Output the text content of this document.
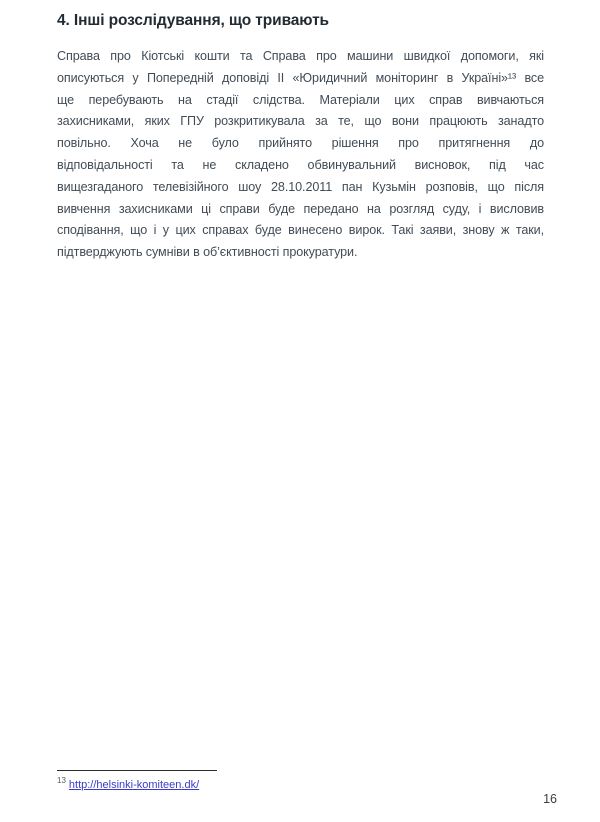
4. Інші розслідування, що тривають
Справа про Кіотські кошти та Справа про машини швидкої допомоги, які
описуються у Попередній доповіді II «Юридичний моніторинг в Україні»¹³ все
ще перебувають на стадії слідства. Матеріали цих справ вивчаються
захисниками, яких ГПУ розкритикувала за те, що вони працюють занадто
повільно. Хоча не було прийнято рішення про притягнення до
відповідальності та не складено обвинувальний висновок, під час
вищезгаданого телевізійного шоу 28.10.2011 пан Кузьмін розповів, що після
вивчення захисниками ці справи буде передано на розгляд суду, і висловив
сподівання, що і у цих справах буде винесено вирок. Такі заяви, знову ж таки,
підтверджують сумніви в об’єктивності прокуратури.
$^{13}$ http://helsinki-komiteen.dk/
16
